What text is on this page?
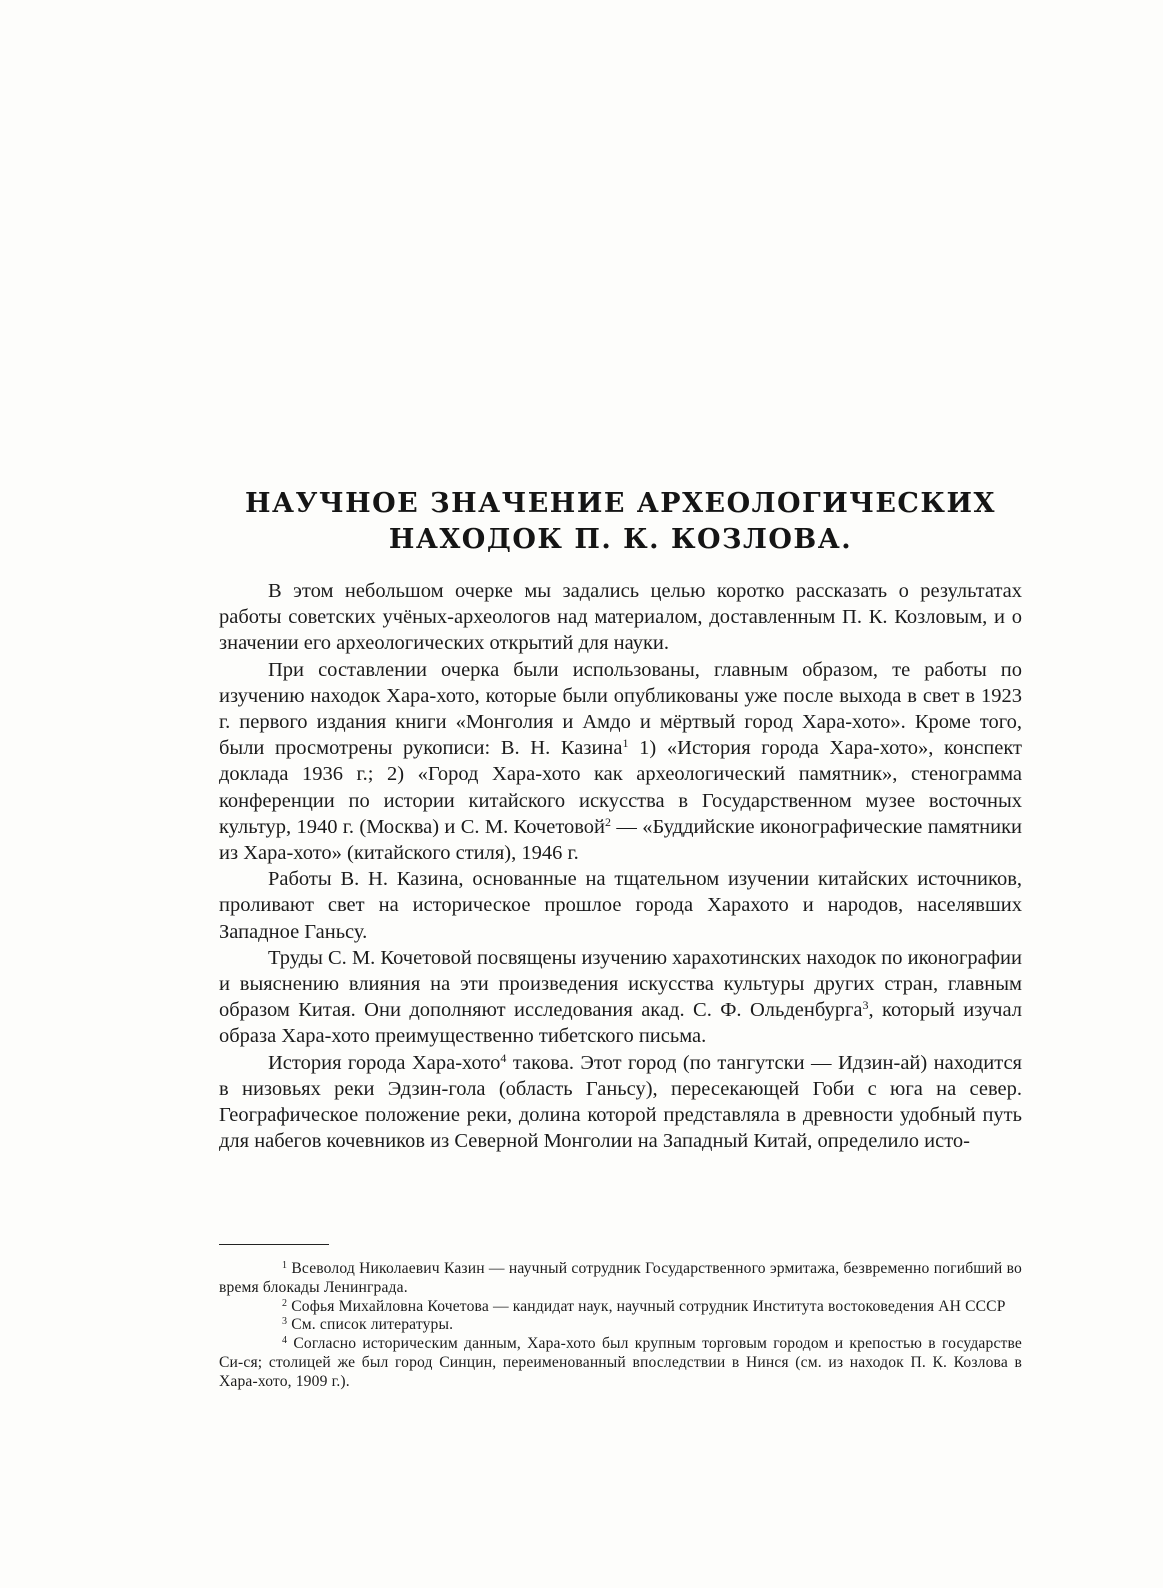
НАУЧНОЕ ЗНАЧЕНИЕ АРХЕОЛОГИЧЕСКИХ
НАХОДОК П. К. КОЗЛОВА.

В этом небольшом очерке мы задались целью коротко рассказать о результатах работы советских учёных-археологов над материалом, доставленным П. К. Козловым, и о значении его археологических открытий для науки.

При составлении очерка были использованы, главным образом, те работы по изучению находок Хара-хото, которые были опубликованы уже после выхода в свет в 1923 г. первого издания книги «Монголия и Амдо и мёртвый город Хара-хото». Кроме того, были просмотрены рукописи: В. Н. Казина$^1$ 1) «История города Хара-хото», конспект доклада 1936 г.; 2) «Город Хара-хото как археологический памятник», стенограмма конференции по истории китайского искусства в Государственном музее восточных культур, 1940 г. (Москва) и С. М. Кочетовой$^2$ — «Буддийские иконографические памятники из Хара-хото» (китайского стиля), 1946 г.

Работы В. Н. Казина, основанные на тщательном изучении китайских источников, проливают свет на историческое прошлое города Харахото и народов, населявших Западное Ганьсу.

Труды С. М. Кочетовой посвящены изучению харахотинских находок по иконографии и выяснению влияния на эти произведения искусства культуры других стран, главным образом Китая. Они дополняют исследования акад. С. Ф. Ольденбурга$^3$, который изучал образа Хара-хото преимущественно тибетского письма.

История города Хара-хото$^4$ такова. Этот город (по тангутски — Идзин-ай) находится в низовьях реки Эдзин-гола (область Ганьсу), пересекающей Гоби с юга на север. Географическое положение реки, долина которой представляла в древности удобный путь для набегов кочевников из Северной Монголии на Западный Китай, определило исто-

$^1$ Всеволод Николаевич Казин — научный сотрудник Государственного эрмитажа, безвременно погибший во время блокады Ленинграда.

$^2$ Софья Михайловна Кочетова — кандидат наук, научный сотрудник Института востоковедения АН СССР

$^3$ См. список литературы.

$^4$ Согласно историческим данным, Хара-хото был крупным торговым городом и крепостью в государстве Си-ся; столицей же был город Синцин, переименованный впоследствии в Нинся (см. из находок П. К. Козлова в Хара-хото, 1909 г.).
